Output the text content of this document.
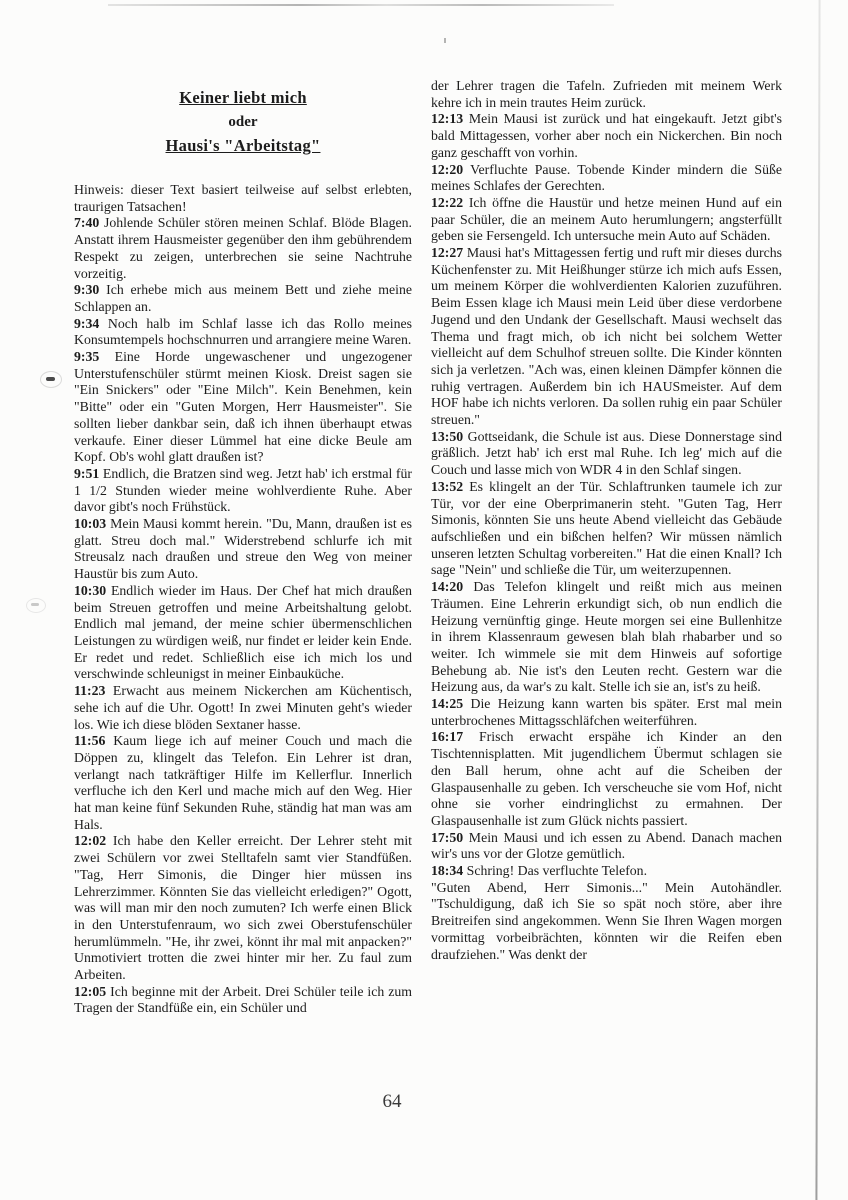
Keiner liebt mich
oder
Hausi's "Arbeitstag"

Hinweis: dieser Text basiert teilweise auf selbst erlebten, traurigen Tatsachen!

7:40 Johlende Schüler stören meinen Schlaf. Blöde Blagen. Anstatt ihrem Hausmeister gegenüber den ihm gebührendem Respekt zu zeigen, unterbrechen sie seine Nachtruhe vorzeitig.

9:30 Ich erhebe mich aus meinem Bett und ziehe meine Schlappen an.

9:34 Noch halb im Schlaf lasse ich das Rollo meines Konsumtempels hochschnurren und arrangiere meine Waren.

9:35 Eine Horde ungewaschener und ungezogener Unterstufenschüler stürmt meinen Kiosk. Dreist sagen sie "Ein Snickers" oder "Eine Milch". Kein Benehmen, kein "Bitte" oder ein "Guten Morgen, Herr Hausmeister". Sie sollten lieber dankbar sein, daß ich ihnen überhaupt etwas verkaufe. Einer dieser Lümmel hat eine dicke Beule am Kopf. Ob's wohl glatt draußen ist?

9:51 Endlich, die Bratzen sind weg. Jetzt hab' ich erstmal für 1 1/2 Stunden wieder meine wohlverdiente Ruhe. Aber davor gibt's noch Frühstück.

10:03 Mein Mausi kommt herein. "Du, Mann, draußen ist es glatt. Streu doch mal." Widerstrebend schlurfe ich mit Streusalz nach draußen und streue den Weg von meiner Haustür bis zum Auto.

10:30 Endlich wieder im Haus. Der Chef hat mich draußen beim Streuen getroffen und meine Arbeitshaltung gelobt. Endlich mal jemand, der meine schier übermenschlichen Leistungen zu würdigen weiß, nur findet er leider kein Ende. Er redet und redet. Schließlich eise ich mich los und verschwinde schleunigst in meiner Einbauküche.

11:23 Erwacht aus meinem Nickerchen am Küchentisch, sehe ich auf die Uhr. Ogott! In zwei Minuten geht's wieder los. Wie ich diese blöden Sextaner hasse.

11:56 Kaum liege ich auf meiner Couch und mach die Döppen zu, klingelt das Telefon. Ein Lehrer ist dran, verlangt nach tatkräftiger Hilfe im Kellerflur. Innerlich verfluche ich den Kerl und mache mich auf den Weg. Hier hat man keine fünf Sekunden Ruhe, ständig hat man was am Hals.

12:02 Ich habe den Keller erreicht. Der Lehrer steht mit zwei Schülern vor zwei Stelltafeln samt vier Standfüßen. "Tag, Herr Simonis, die Dinger hier müssen ins Lehrerzimmer. Könnten Sie das vielleicht erledigen?" Ogott, was will man mir den noch zumuten? Ich werfe einen Blick in den Unterstufenraum, wo sich zwei Oberstufenschüler herumlümmeln. "He, ihr zwei, könnt ihr mal mit anpacken?" Unmotiviert trotten die zwei hinter mir her. Zu faul zum Arbeiten.

12:05 Ich beginne mit der Arbeit. Drei Schüler teile ich zum Tragen der Standfüße ein, ein Schüler und

der Lehrer tragen die Tafeln. Zufrieden mit meinem Werk kehre ich in mein trautes Heim zurück.

12:13 Mein Mausi ist zurück und hat eingekauft. Jetzt gibt's bald Mittagessen, vorher aber noch ein Nickerchen. Bin noch ganz geschafft von vorhin.

12:20 Verfluchte Pause. Tobende Kinder mindern die Süße meines Schlafes der Gerechten.

12:22 Ich öffne die Haustür und hetze meinen Hund auf ein paar Schüler, die an meinem Auto herumlungern; angsterfüllt geben sie Fersengeld. Ich untersuche mein Auto auf Schäden.

12:27 Mausi hat's Mittagessen fertig und ruft mir dieses durchs Küchenfenster zu. Mit Heißhunger stürze ich mich aufs Essen, um meinem Körper die wohlverdienten Kalorien zuzuführen. Beim Essen klage ich Mausi mein Leid über diese verdorbene Jugend und den Undank der Gesellschaft. Mausi wechselt das Thema und fragt mich, ob ich nicht bei solchem Wetter vielleicht auf dem Schulhof streuen sollte. Die Kinder könnten sich ja verletzen. "Ach was, einen kleinen Dämpfer können die ruhig vertragen. Außerdem bin ich HAUSmeister. Auf dem HOF habe ich nichts verloren. Da sollen ruhig ein paar Schüler streuen."

13:50 Gottseidank, die Schule ist aus. Diese Donnerstage sind gräßlich. Jetzt hab' ich erst mal Ruhe. Ich leg' mich auf die Couch und lasse mich von WDR 4 in den Schlaf singen.

13:52 Es klingelt an der Tür. Schlaftrunken taumele ich zur Tür, vor der eine Oberprimanerin steht. "Guten Tag, Herr Simonis, könnten Sie uns heute Abend vielleicht das Gebäude aufschließen und ein bißchen helfen? Wir müssen nämlich unseren letzten Schultag vorbereiten." Hat die einen Knall? Ich sage "Nein" und schließe die Tür, um weiterzupennen.

14:20 Das Telefon klingelt und reißt mich aus meinen Träumen. Eine Lehrerin erkundigt sich, ob nun endlich die Heizung vernünftig ginge. Heute morgen sei eine Bullenhitze in ihrem Klassenraum gewesen blah blah rhabarber und so weiter. Ich wimmele sie mit dem Hinweis auf sofortige Behebung ab. Nie ist's den Leuten recht. Gestern war die Heizung aus, da war's zu kalt. Stelle ich sie an, ist's zu heiß.

14:25 Die Heizung kann warten bis später. Erst mal mein unterbrochenes Mittagsschläfchen weiterführen.

16:17 Frisch erwacht erspähe ich Kinder an den Tischtennisplatten. Mit jugendlichem Übermut schlagen sie den Ball herum, ohne acht auf die Scheiben der Glaspausenhalle zu geben. Ich verscheuche sie vom Hof, nicht ohne sie vorher eindringlichst zu ermahnen. Der Glaspausenhalle ist zum Glück nichts passiert.

17:50 Mein Mausi und ich essen zu Abend. Danach machen wir's uns vor der Glotze gemütlich.

18:34 Schring! Das verfluchte Telefon.

"Guten Abend, Herr Simonis..." Mein Autohändler. "Tschuldigung, daß ich Sie so spät noch störe, aber ihre Breitreifen sind angekommen. Wenn Sie Ihren Wagen morgen vormittag vorbeibrächten, könnten wir die Reifen eben draufziehen." Was denkt der

64
